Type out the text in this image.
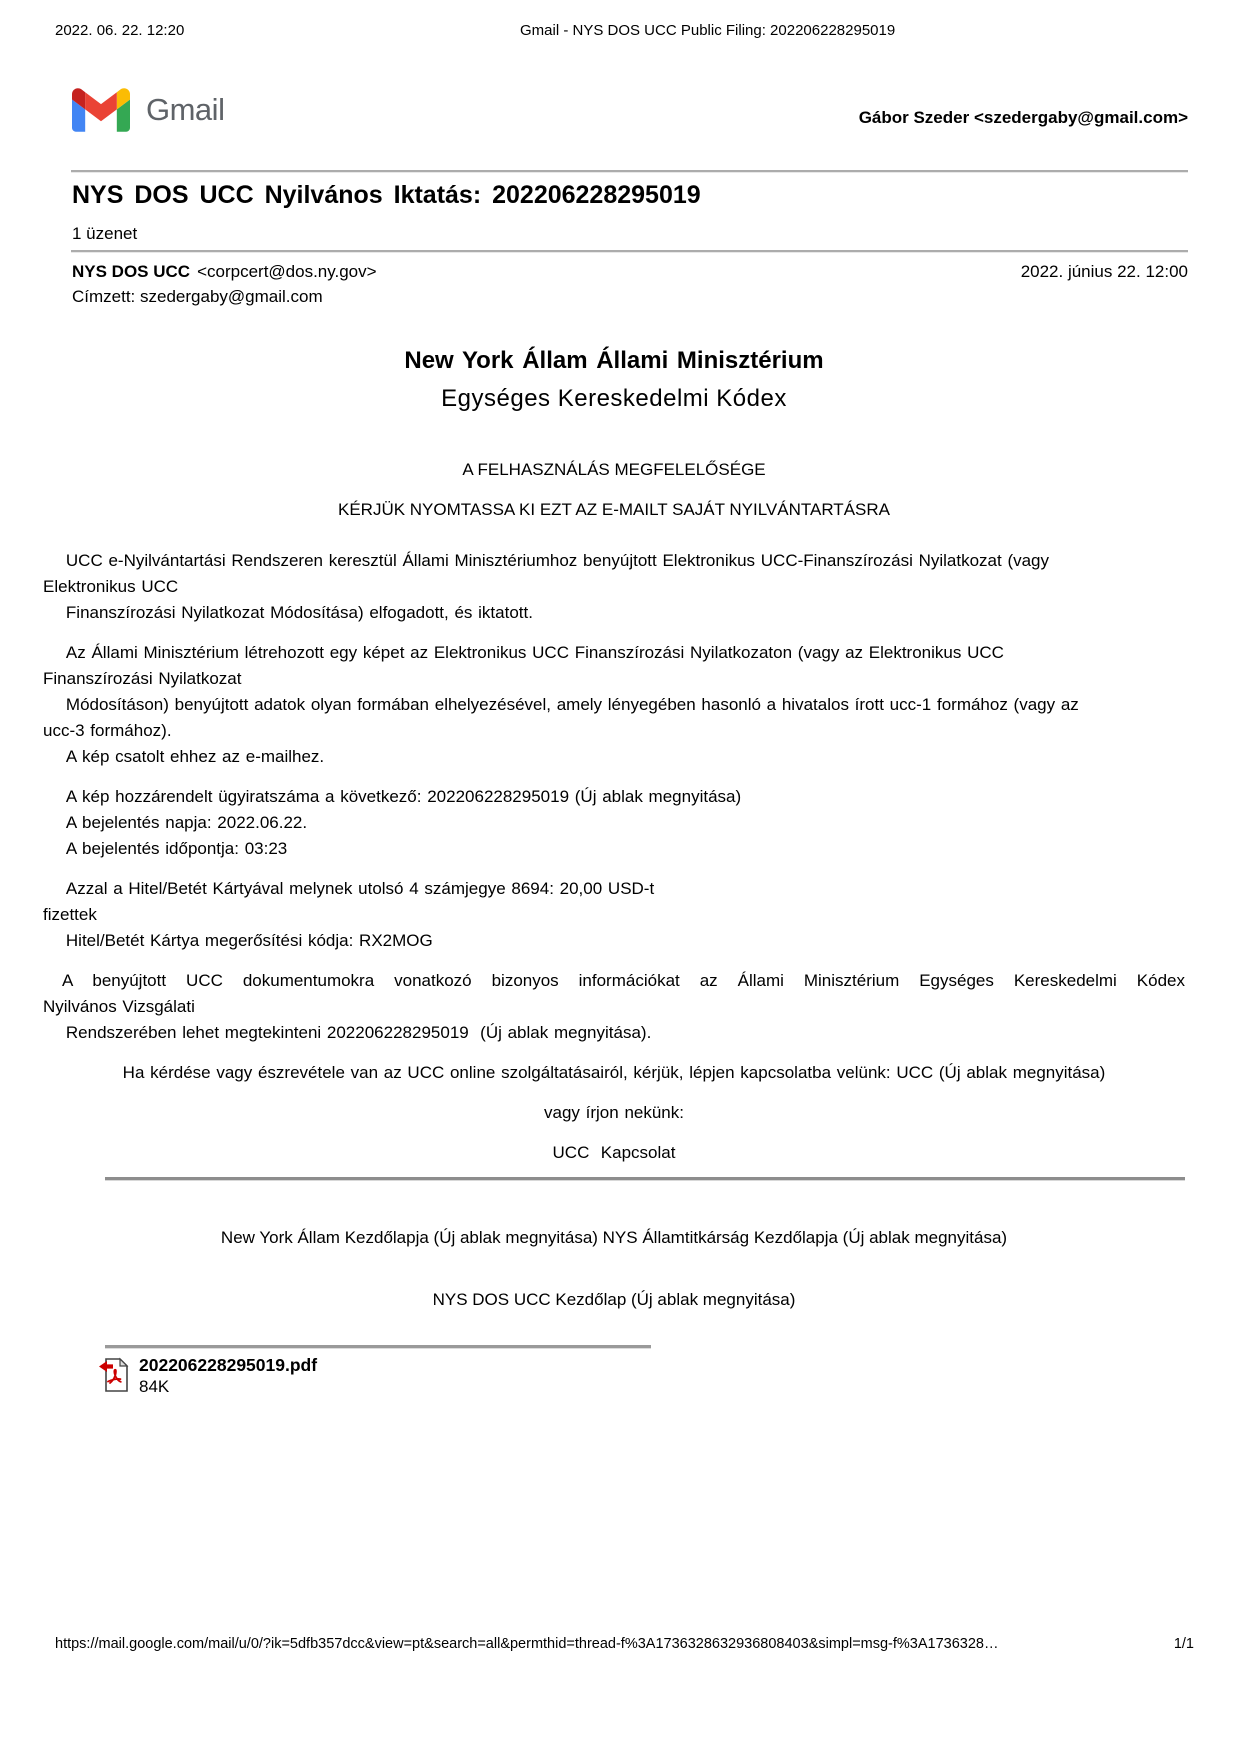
2022. 06. 22. 12:20	Gmail - NYS DOS UCC Public Filing: 202206228295019
Gmail	Gábor Szeder <szedergaby@gmail.com>
NYS DOS UCC Nyilvános Iktatás: 202206228295019
1 üzenet
NYS DOS UCC <corpcert@dos.ny.gov>	2022. június 22. 12:00
Címzett: szedergaby@gmail.com
New York Állam Állami Minisztérium
Egységes Kereskedelmi Kódex
A FELHASZNÁLÁS MEGFELELŐSÉGE
KÉRJÜK NYOMTASSA KI EZT AZ E-MAILT SAJÁT NYILVÁNTARTÁSRA
UCC e-Nyilvántartási Rendszeren keresztül Állami Minisztériumhoz benyújtott Elektronikus UCC-Finanszírozási Nyilatkozat (vagy
Elektronikus UCC
Finanszírozási Nyilatkozat Módosítása) elfogadott, és iktatott.
Az Állami Minisztérium létrehozott egy képet az Elektronikus UCC Finanszírozási Nyilatkozaton (vagy az Elektronikus UCC
Finanszírozási Nyilatkozat
Módosításon) benyújtott adatok olyan formában elhelyezésével, amely lényegében hasonló a hivatalos írott ucc-1 formához (vagy az
ucc-3 formához).
A kép csatolt ehhez az e-mailhez.
A kép hozzárendelt ügyiratszáma a következő: 202206228295019 (Új ablak megnyitása)
A bejelentés napja: 2022.06.22.
A bejelentés időpontja: 03:23
Azzal a Hitel/Betét Kártyával melynek utolsó 4 számjegye 8694: 20,00 USD-t
fizettek
Hitel/Betét Kártya megerősítési kódja: RX2MOG
A benyújtott UCC dokumentumokra vonatkozó bizonyos információkat az Állami Minisztérium Egységes Kereskedelmi Kódex
Nyilvános Vizsgálati
Rendszerében lehet megtekinteni 202206228295019  (Új ablak megnyitása).
Ha kérdése vagy észrevétele van az UCC online szolgáltatásairól, kérjük, lépjen kapcsolatba velünk: UCC (Új ablak megnyitása)
vagy írjon nekünk:
UCC  Kapcsolat
New York Állam Kezdőlapja (Új ablak megnyitása) NYS Államtitkárság Kezdőlapja (Új ablak megnyitása)
NYS DOS UCC Kezdőlap (Új ablak megnyitása)
202206228295019.pdf
84K
https://mail.google.com/mail/u/0/?ik=5dfb357dcc&view=pt&search=all&permthid=thread-f%3A1736328632936808403&simpl=msg-f%3A1736328…	1/1
